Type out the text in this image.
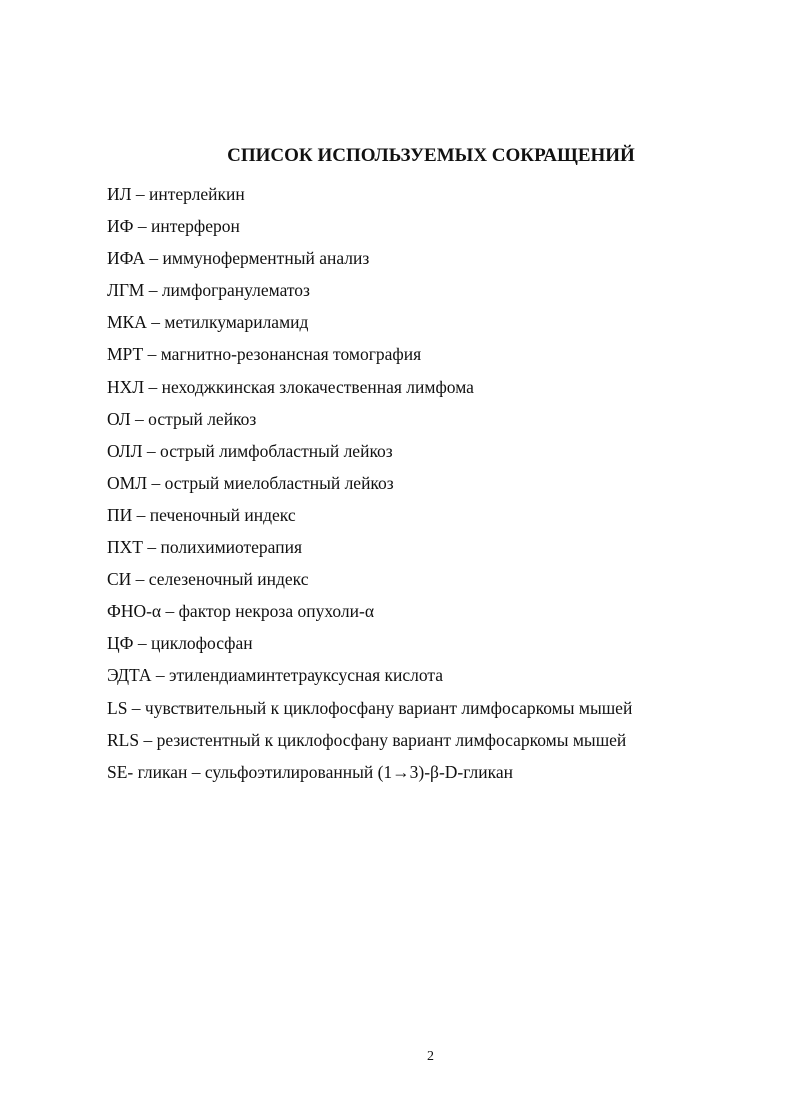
СПИСОК ИСПОЛЬЗУЕМЫХ СОКРАЩЕНИЙ
ИЛ – интерлейкин
ИФ – интерферон
ИФА – иммуноферментный анализ
ЛГМ – лимфогранулематоз
МКА – метилкумариламид
МРТ – магнитно-резонансная томография
НХЛ – неходжкинская злокачественная лимфома
ОЛ – острый лейкоз
ОЛЛ – острый лимфобластный лейкоз
ОМЛ – острый миелобластный лейкоз
ПИ – печеночный индекс
ПХТ – полихимиотерапия
СИ – селезеночный индекс
ФНО-α – фактор некроза опухоли-α
ЦФ – циклофосфан
ЭДТА – этилендиаминтетрауксусная кислота
LS – чувствительный к циклофосфану вариант лимфосаркомы мышей
RLS – резистентный к циклофосфану вариант лимфосаркомы мышей
SE- гликан – сульфоэтилированный (1→3)-β-D-гликан
2
